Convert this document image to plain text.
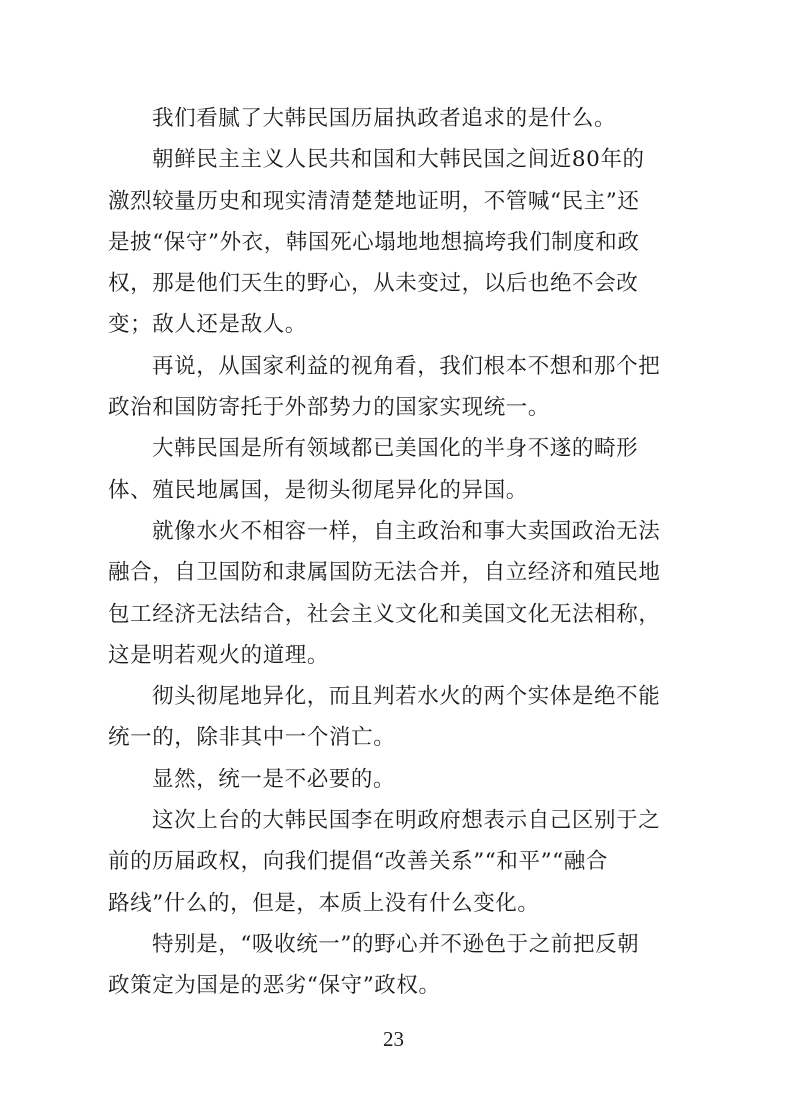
我们看腻了大韩民国历届执政者追求的是什么。

朝鲜民主主义人民共和国和大韩民国之间近80年的
激烈较量历史和现实清清楚楚地证明，不管喊“民主”还
是披“保守”外衣，韩国死心塌地地想搞垮我们制度和政
权，那是他们天生的野心，从未变过，以后也绝不会改
变；敌人还是敌人。

再说，从国家利益的视角看，我们根本不想和那个把
政治和国防寄托于外部势力的国家实现统一。

大韩民国是所有领域都已美国化的半身不遂的畸形
体、殖民地属国，是彻头彻尾异化的异国。

就像水火不相容一样，自主政治和事大卖国政治无法
融合，自卫国防和隶属国防无法合并，自立经济和殖民地
包工经济无法结合，社会主义文化和美国文化无法相称，
这是明若观火的道理。

彻头彻尾地异化，而且判若水火的两个实体是绝不能
统一的，除非其中一个消亡。

显然，统一是不必要的。

这次上台的大韩民国李在明政府想表示自己区别于之
前的历届政权，向我们提倡“改善关系”“和平”“融合
路线”什么的，但是，本质上没有什么变化。

特别是，“吸收统一”的野心并不逊色于之前把反朝
政策定为国是的恶劣“保守”政权。

23
